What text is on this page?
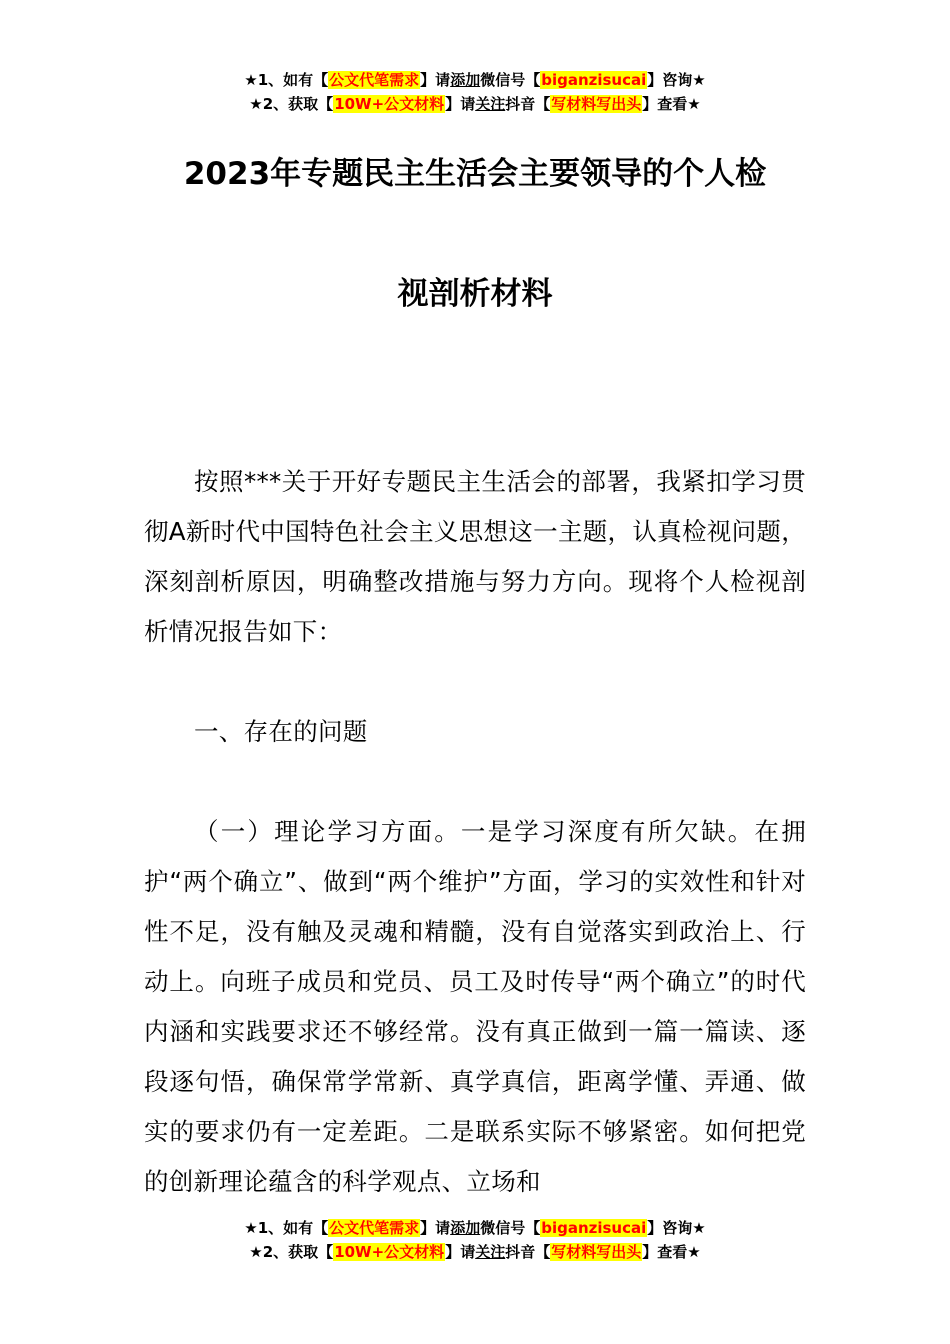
★1、如有【公文代笔需求】请添加微信号【biganzisucai】咨询★
★2、获取【10W+公文材料】请关注抖音【写材料写出头】查看★
2023年专题民主生活会主要领导的个人检
视剖析材料

按照***关于开好专题民主生活会的部署，我紧扣学习贯彻A新时代中国特色社会主义思想这一主题，认真检视问题，深刻剖析原因，明确整改措施与努力方向。现将个人检视剖析情况报告如下：

一、存在的问题

（一）理论学习方面。一是学习深度有所欠缺。在拥护“两个确立”、做到“两个维护”方面，学习的实效性和针对性不足，没有触及灵魂和精髓，没有自觉落实到政治上、行动上。向班子成员和党员、员工及时传导“两个确立”的时代内涵和实践要求还不够经常。没有真正做到一篇一篇读、逐段逐句悟，确保常学常新、真学真信，距离学懂、弄通、做实的要求仍有一定差距。二是联系实际不够紧密。如何把党的创新理论蕴含的科学观点、立场和

★1、如有【公文代笔需求】请添加微信号【biganzisucai】咨询★
★2、获取【10W+公文材料】请关注抖音【写材料写出头】查看★
